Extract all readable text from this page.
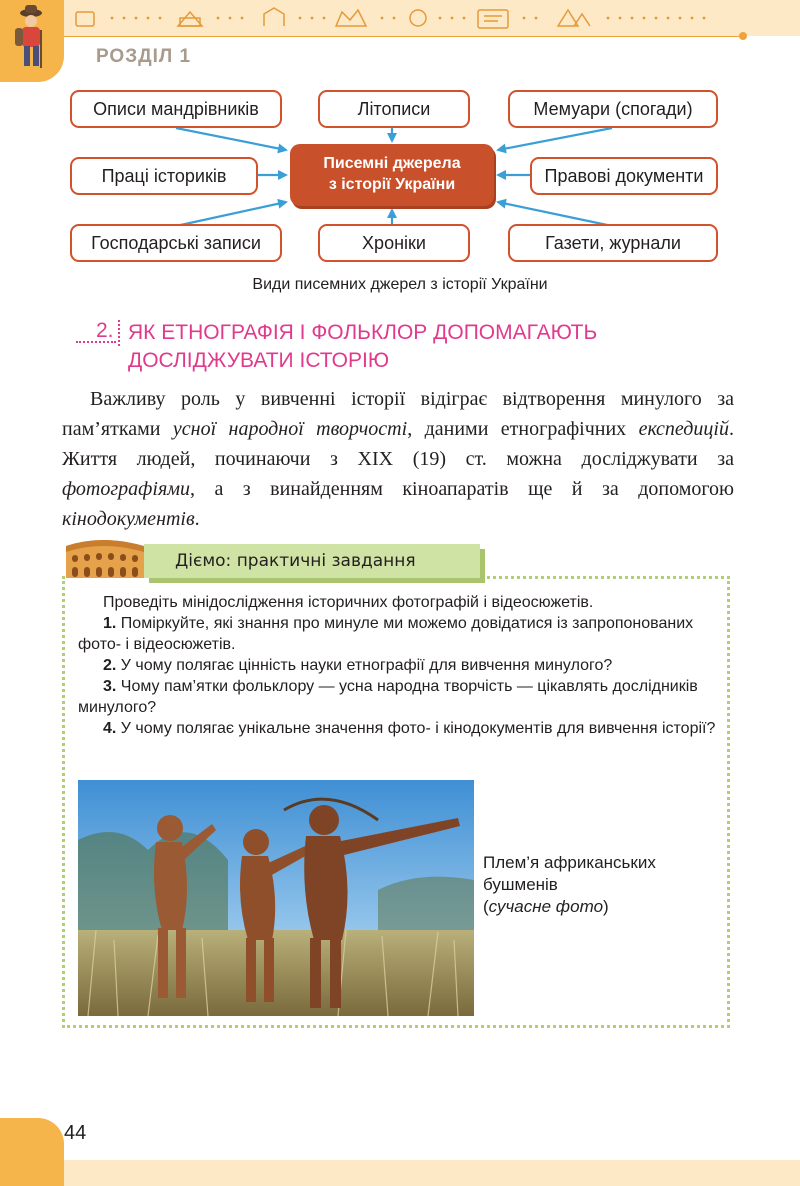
РОЗДІЛ 1
Описи мандрівників	Літописи	Мемуари (спогади)
Праці істориків	Правові документи
Господарські записи	Хроніки	Газети, журнали
Писемні джерела
з історії України
Види писемних джерел з історії України
2. ЯК ЕТНОГРАФІЯ І ФОЛЬКЛОР ДОПОМАГАЮТЬ
ДОСЛІДЖУВАТИ ІСТОРІЮ

Важливу роль у вивченні історії відіграє відтворення минулого за пам’ятками усної народної творчості, даними етнографічних експедицій. Життя людей, починаючи з XIX (19) ст. можна досліджувати за фотографіями, а з винайденням кіноапаратів ще й за допомогою кінодокументів.

Діємо: практичні завдання

Проведіть мінідослідження історичних фотографій і відеосюжетів.

1. Поміркуйте, які знання про минуле ми можемо довідатися із запропонованих фото- і відеосюжетів.

2. У чому полягає цінність науки етнографії для вивчення минулого?

3. Чому пам’ятки фольклору — усна народна творчість — цікавлять дослідників минулого?

4. У чому полягає унікальне значення фото- і кінодокументів для вивчення історії?

Плем’я африканських
бушменів
(сучасне фото)
44
